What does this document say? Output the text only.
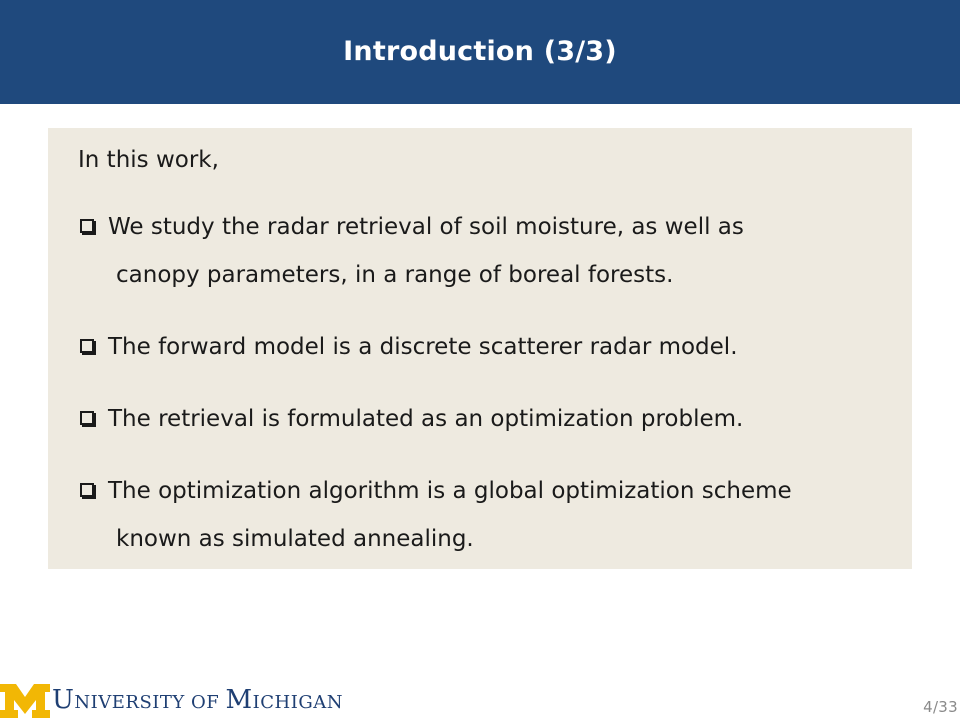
Introduction (3/3)
In this work,
We study the radar retrieval of soil moisture, as well as
canopy parameters, in a range of boreal forests.
The forward model is a discrete scatterer radar model.
The retrieval is formulated as an optimization problem.
The optimization algorithm is a global optimization scheme
known as simulated annealing.
UNIVERSITY OF MICHIGAN	4/33
